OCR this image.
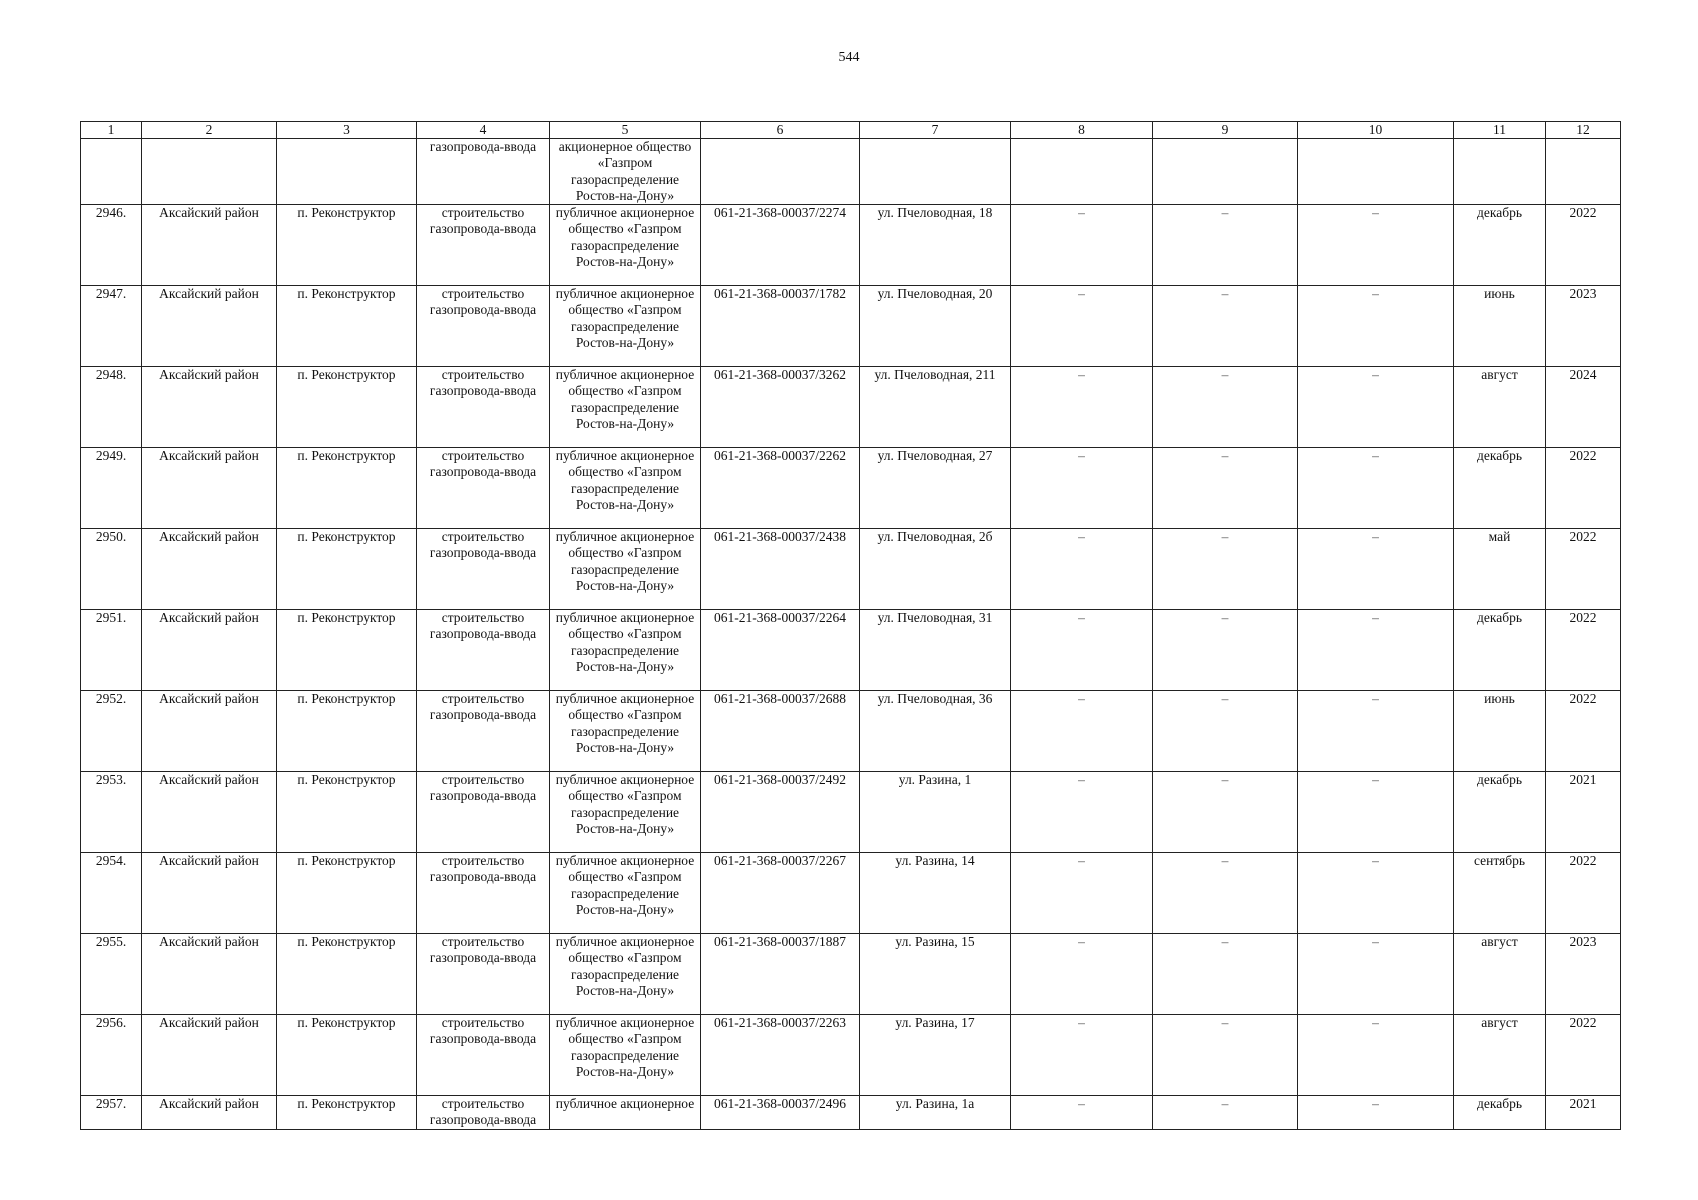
544
1	2	3	4	5	6	7	8	9	10	11	12
			газопровода-ввода	акционерное общество «Газпром газораспределение Ростов-на-Дону»							
2946.	Аксайский район	п. Реконструктор	строительство газопровода-ввода	публичное акционерное общество «Газпром газораспределение Ростов-на-Дону»	061-21-368-00037/2274	ул. Пчеловодная, 18	–	–	–	декабрь	2022
2947.	Аксайский район	п. Реконструктор	строительство газопровода-ввода	публичное акционерное общество «Газпром газораспределение Ростов-на-Дону»	061-21-368-00037/1782	ул. Пчеловодная, 20	–	–	–	июнь	2023
2948.	Аксайский район	п. Реконструктор	строительство газопровода-ввода	публичное акционерное общество «Газпром газораспределение Ростов-на-Дону»	061-21-368-00037/3262	ул. Пчеловодная, 211	–	–	–	август	2024
2949.	Аксайский район	п. Реконструктор	строительство газопровода-ввода	публичное акционерное общество «Газпром газораспределение Ростов-на-Дону»	061-21-368-00037/2262	ул. Пчеловодная, 27	–	–	–	декабрь	2022
2950.	Аксайский район	п. Реконструктор	строительство газопровода-ввода	публичное акционерное общество «Газпром газораспределение Ростов-на-Дону»	061-21-368-00037/2438	ул. Пчеловодная, 2б	–	–	–	май	2022
2951.	Аксайский район	п. Реконструктор	строительство газопровода-ввода	публичное акционерное общество «Газпром газораспределение Ростов-на-Дону»	061-21-368-00037/2264	ул. Пчеловодная, 31	–	–	–	декабрь	2022
2952.	Аксайский район	п. Реконструктор	строительство газопровода-ввода	публичное акционерное общество «Газпром газораспределение Ростов-на-Дону»	061-21-368-00037/2688	ул. Пчеловодная, 36	–	–	–	июнь	2022
2953.	Аксайский район	п. Реконструктор	строительство газопровода-ввода	публичное акционерное общество «Газпром газораспределение Ростов-на-Дону»	061-21-368-00037/2492	ул. Разина, 1	–	–	–	декабрь	2021
2954.	Аксайский район	п. Реконструктор	строительство газопровода-ввода	публичное акционерное общество «Газпром газораспределение Ростов-на-Дону»	061-21-368-00037/2267	ул. Разина, 14	–	–	–	сентябрь	2022
2955.	Аксайский район	п. Реконструктор	строительство газопровода-ввода	публичное акционерное общество «Газпром газораспределение Ростов-на-Дону»	061-21-368-00037/1887	ул. Разина, 15	–	–	–	август	2023
2956.	Аксайский район	п. Реконструктор	строительство газопровода-ввода	публичное акционерное общество «Газпром газораспределение Ростов-на-Дону»	061-21-368-00037/2263	ул. Разина, 17	–	–	–	август	2022
2957.	Аксайский район	п. Реконструктор	строительство газопровода-ввода	публичное акционерное	061-21-368-00037/2496	ул. Разина, 1а	–	–	–	декабрь	2021
